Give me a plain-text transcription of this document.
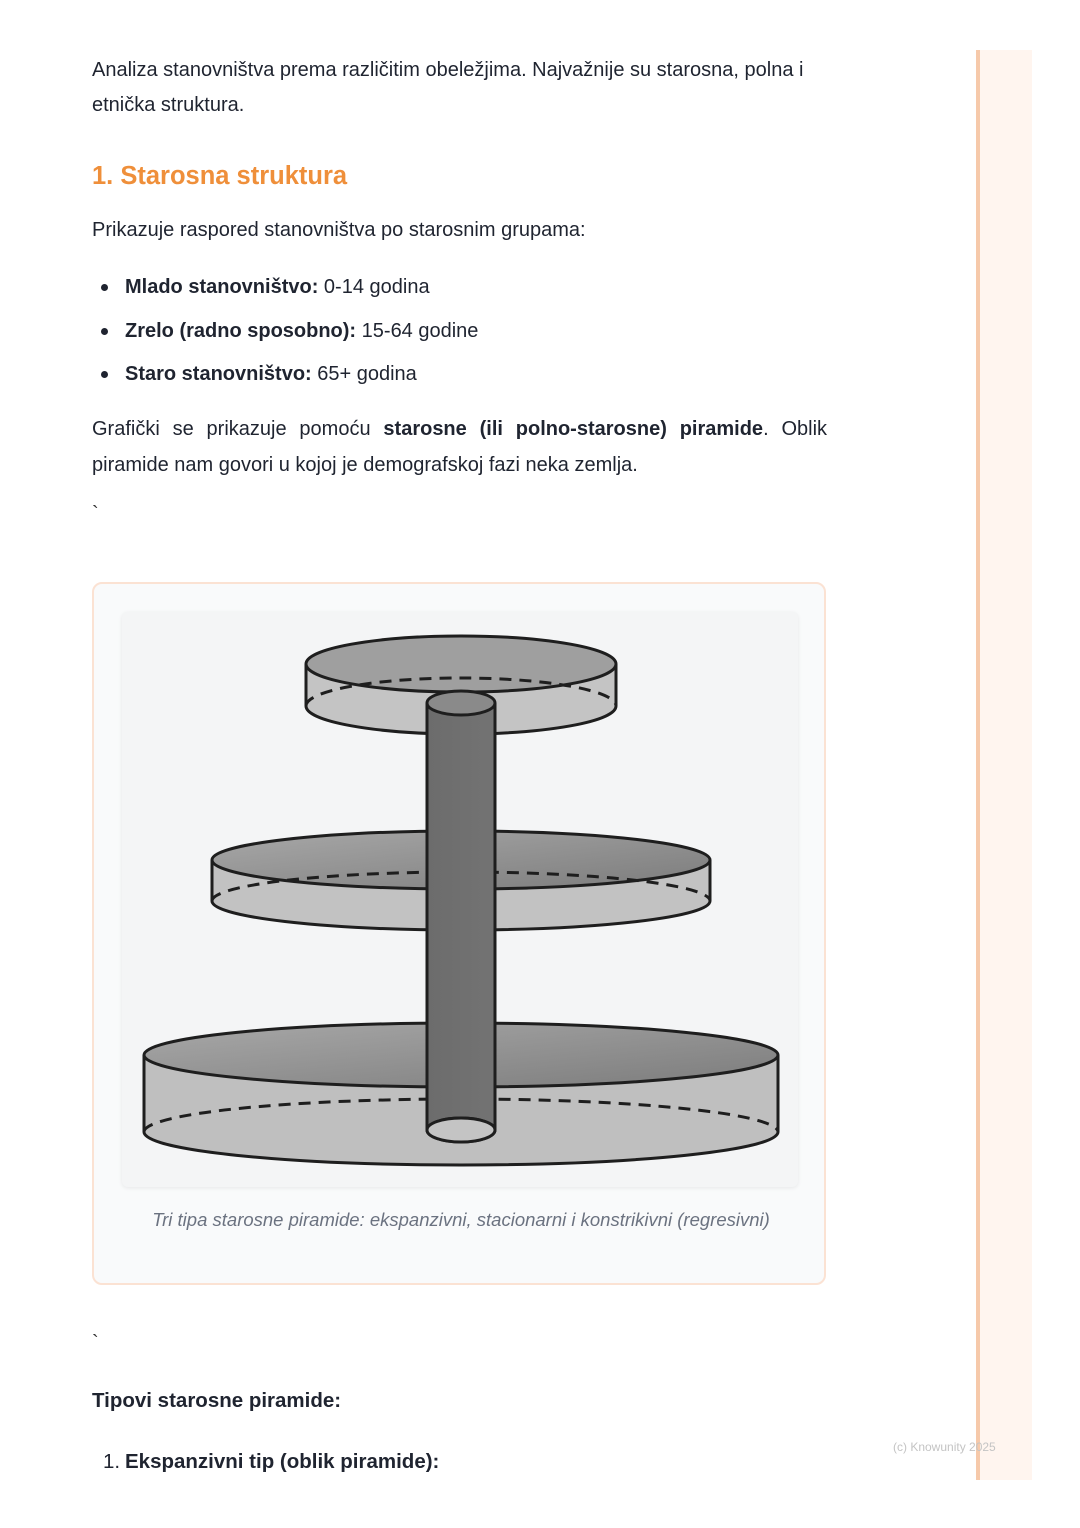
Analiza stanovništva prema različitim obeležjima. Najvažnije su starosna, polna i etnička struktura.

1. Starosna struktura

Prikazuje raspored stanovništva po starosnim grupama:

Mlado stanovništvo: 0-14 godina
Zrelo (radno sposobno): 15-64 godine
Staro stanovništvo: 65+ godina

Grafički se prikazuje pomoću starosne (ili polno-starosne) piramide. Oblik piramide nam govori u kojoj je demografskoj fazi neka zemlja.

`
Tri tipa starosne piramide: ekspanzivni, stacionarni i konstrikivni (regresivni)
`
Tipovi starosne piramide:
1. Ekspanzivni tip (oblik piramide):
(c) Knowunity 2025
